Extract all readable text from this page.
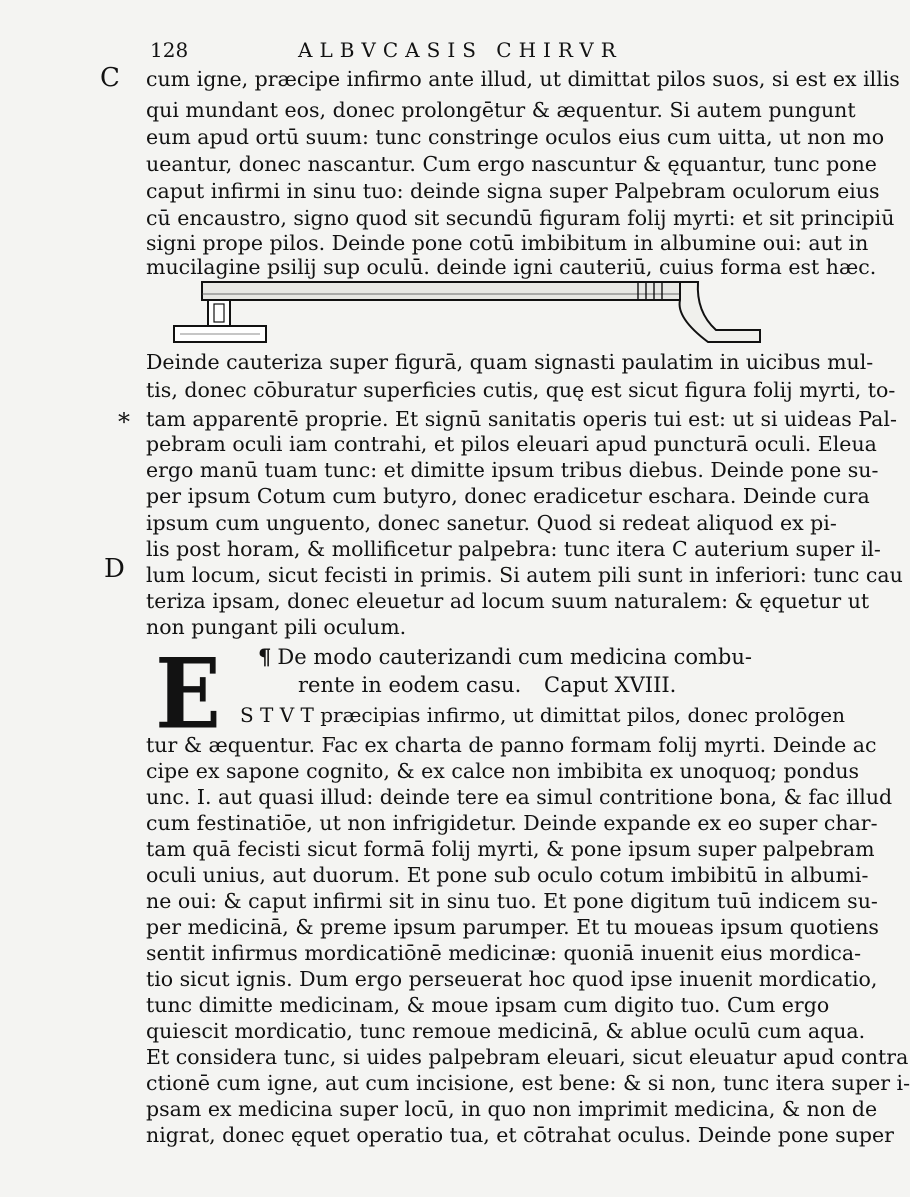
128	ALBVCASIS CHIRVR
C
*
D
cum igne, præcipe infirmo ante illud, ut dimittat pilos suos, si est ex illis
qui mundant eos, donec prolongētur & æquentur. Si autem pungunt
eum apud ortū suum: tunc constringe oculos eius cum uitta, ut non mo
ueantur, donec nascantur. Cum ergo nascuntur & ęquantur, tunc pone
caput infirmi in sinu tuo: deinde signa super Palpebram oculorum eius
cū encaustro, signo quod sit secundū figuram folij myrti: et sit principiū
signi prope pilos. Deinde pone cotū imbibitum in albumine oui: aut in
mucilagine psilij sup oculū. deinde igni cauteriū, cuius forma est hæc.
Deinde cauteriza super figurā, quam signasti paulatim in uicibus mul-
tis, donec cōburatur superficies cutis, quę est sicut figura folij myrti, to-
tam apparentē proprie. Et signū sanitatis operis tui est: ut si uideas Pal-
pebram oculi iam contrahi, et pilos eleuari apud puncturā oculi. Eleua
ergo manū tuam tunc: et dimitte ipsum tribus diebus. Deinde pone su-
per ipsum Cotum cum butyro, donec eradicetur eschara. Deinde cura
ipsum cum unguento, donec sanetur. Quod si redeat aliquod ex pi-
lis post horam, & mollificetur palpebra: tunc itera C auterium super il-
lum locum, sicut fecisti in primis. Si autem pili sunt in inferiori: tunc cau
teriza ipsam, donec eleuetur ad locum suum naturalem: & ęquetur ut
non pungant pili oculum.
E	¶ De modo cauterizandi cum medicina combu-
rente in eodem casu. Caput XVIII.
S T V T præcipias infirmo, ut dimittat pilos, donec prolōgen
tur & æquentur. Fac ex charta de panno formam folij myrti. Deinde ac
cipe ex sapone cognito, & ex calce non imbibita ex unoquoq; pondus
unc. I. aut quasi illud: deinde tere ea simul contritione bona, & fac illud
cum festinatiōe, ut non infrigidetur. Deinde expande ex eo super char-
tam quā fecisti sicut formā folij myrti, & pone ipsum super palpebram
oculi unius, aut duorum. Et pone sub oculo cotum imbibitū in albumi-
ne oui: & caput infirmi sit in sinu tuo. Et pone digitum tuū indicem su-
per medicinā, & preme ipsum parumper. Et tu moueas ipsum quotiens
sentit infirmus mordicatiōnē medicinæ: quoniā inuenit eius mordica-
tio sicut ignis. Dum ergo perseuerat hoc quod ipse inuenit mordicatio,
tunc dimitte medicinam, & moue ipsam cum digito tuo. Cum ergo
quiescit mordicatio, tunc remoue medicinā, & ablue oculū cum aqua.
Et considera tunc, si uides palpebram eleuari, sicut eleuatur apud contra
ctionē cum igne, aut cum incisione, est bene: & si non, tunc itera super i-
psam ex medicina super locū, in quo non imprimit medicina, & non de
nigrat, donec ęquet operatio tua, et cōtrahat oculus. Deinde pone super
